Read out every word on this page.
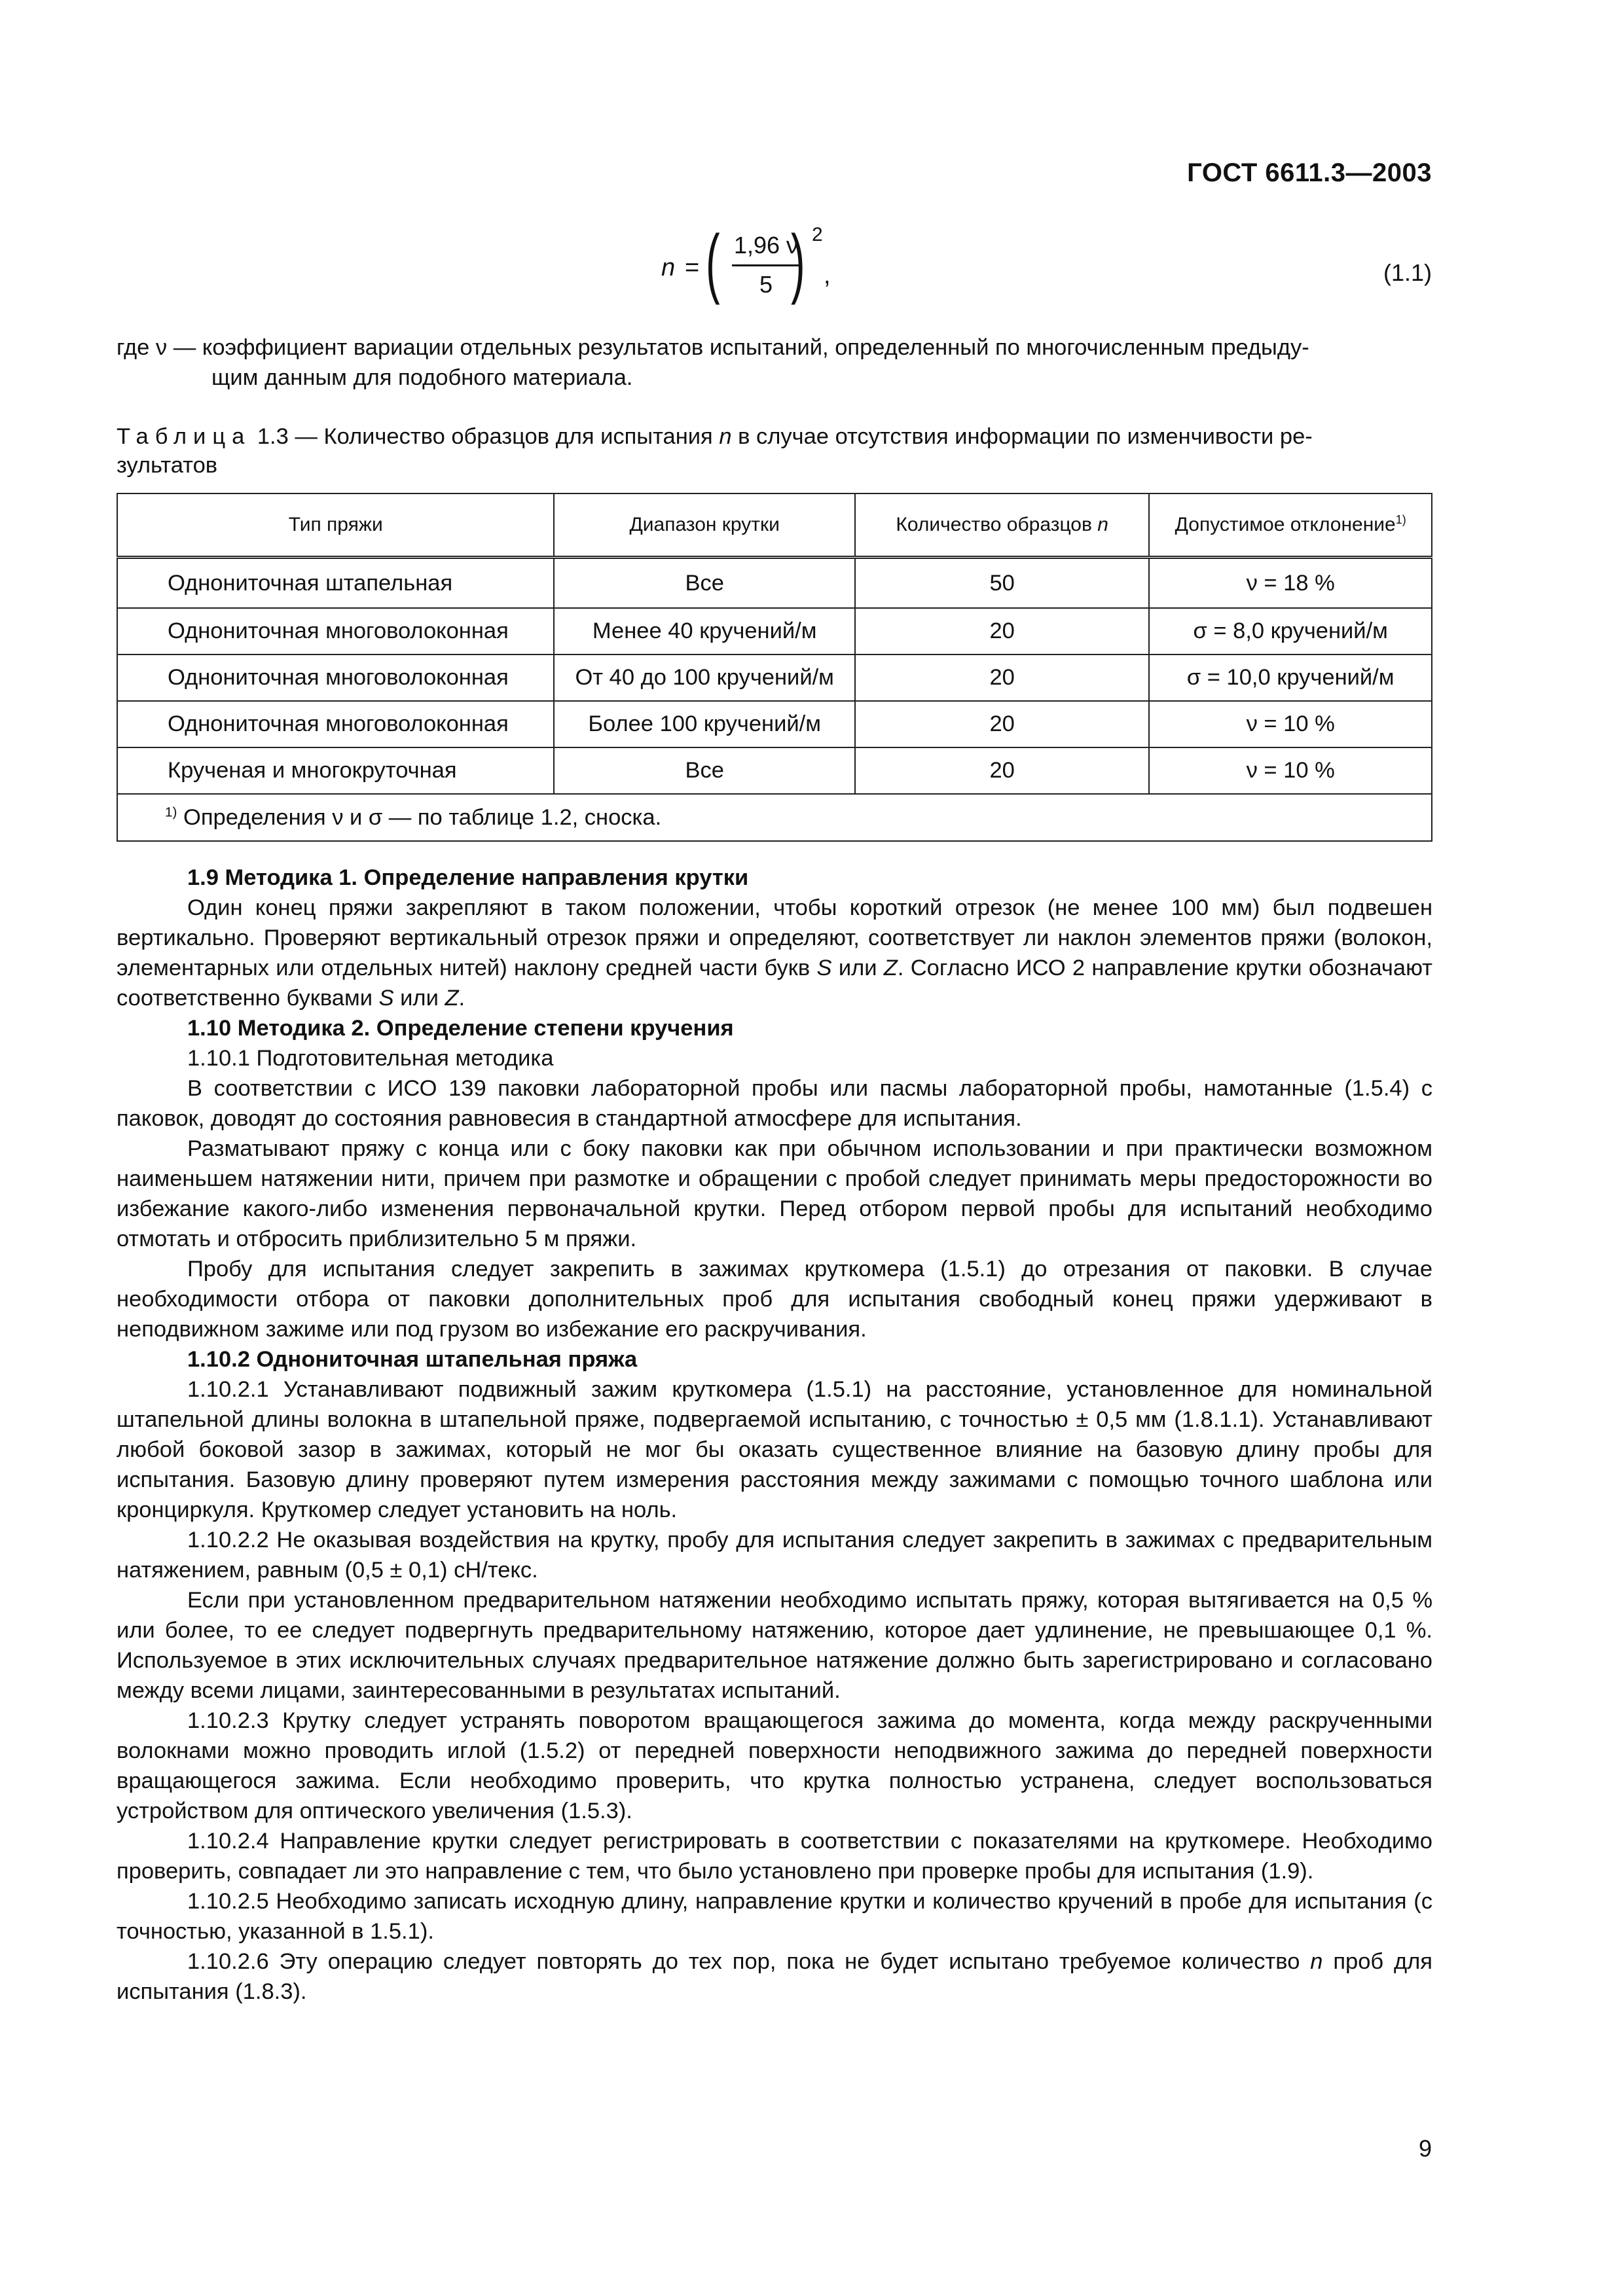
ГОСТ 6611.3—2003
n = ( 1,96 ν
5 ) 2
,	(1.1)
где ν — коэффициент вариации отдельных результатов испытаний, определенный по многочисленным предыду-
щим данным для подобного материала.
Таблица 1.3 — Количество образцов для испытания n в случае отсутствия информации по изменчивости ре-
зультатов
Тип пряжи	Диапазон крутки	Количество образцов n	Допустимое отклонение$^{1)}$
Однониточная штапельная	Все	50	ν = 18 %
Однониточная многоволоконная	Менее 40 кручений/м	20	σ = 8,0 кручений/м
Однониточная многоволоконная	От 40 до 100 кручений/м	20	σ = 10,0 кручений/м
Однониточная многоволоконная	Более 100 кручений/м	20	ν = 10 %
Крученая и многокруточная	Все	20	ν = 10 %
$^{1)}$ Определения ν и σ — по таблице 1.2, сноска.			

1.9 Методика 1. Определение направления крутки

Один конец пряжи закрепляют в таком положении, чтобы короткий отрезок (не менее 100 мм) был подвешен вертикально. Проверяют вертикальный отрезок пряжи и определяют, соответствует ли наклон элементов пряжи (волокон, элементарных или отдельных нитей) наклону средней части букв S или Z. Согласно ИСО 2 направление крутки обозначают соответственно буквами S или Z.

1.10 Методика 2. Определение степени кручения

1.10.1 Подготовительная методика

В соответствии с ИСО 139 паковки лабораторной пробы или пасмы лабораторной пробы, намотанные (1.5.4) с паковок, доводят до состояния равновесия в стандартной атмосфере для испытания.

Разматывают пряжу с конца или с боку паковки как при обычном использовании и при практически возможном наименьшем натяжении нити, причем при размотке и обращении с пробой следует принимать меры предосторожности во избежание какого-либо изменения первоначальной крутки. Перед отбором первой пробы для испытаний необходимо отмотать и отбросить приблизительно 5 м пряжи.

Пробу для испытания следует закрепить в зажимах круткомера (1.5.1) до отрезания от паковки. В случае необходимости отбора от паковки дополнительных проб для испытания свободный конец пряжи удерживают в неподвижном зажиме или под грузом во избежание его раскручивания.

1.10.2 Однониточная штапельная пряжа

1.10.2.1 Устанавливают подвижный зажим круткомера (1.5.1) на расстояние, установленное для номинальной штапельной длины волокна в штапельной пряже, подвергаемой испытанию, с точностью ± 0,5 мм (1.8.1.1). Устанавливают любой боковой зазор в зажимах, который не мог бы оказать существенное влияние на базовую длину пробы для испытания. Базовую длину проверяют путем измерения расстояния между зажимами с помощью точного шаблона или кронциркуля. Круткомер следует установить на ноль.

1.10.2.2 Не оказывая воздействия на крутку, пробу для испытания следует закрепить в зажимах с предварительным натяжением, равным (0,5 ± 0,1) сН/текс.

Если при установленном предварительном натяжении необходимо испытать пряжу, которая вытягивается на 0,5 % или более, то ее следует подвергнуть предварительному натяжению, которое дает удлинение, не превышающее 0,1 %. Используемое в этих исключительных случаях предварительное натяжение должно быть зарегистрировано и согласовано между всеми лицами, заинтересованными в результатах испытаний.

1.10.2.3 Крутку следует устранять поворотом вращающегося зажима до момента, когда между раскрученными волокнами можно проводить иглой (1.5.2) от передней поверхности неподвижного зажима до передней поверхности вращающегося зажима. Если необходимо проверить, что крутка полностью устранена, следует воспользоваться устройством для оптического увеличения (1.5.3).

1.10.2.4 Направление крутки следует регистрировать в соответствии с показателями на круткомере. Необходимо проверить, совпадает ли это направление с тем, что было установлено при проверке пробы для испытания (1.9).

1.10.2.5 Необходимо записать исходную длину, направление крутки и количество кручений в пробе для испытания (с точностью, указанной в 1.5.1).

1.10.2.6 Эту операцию следует повторять до тех пор, пока не будет испытано требуемое количество n проб для испытания (1.8.3).

9
